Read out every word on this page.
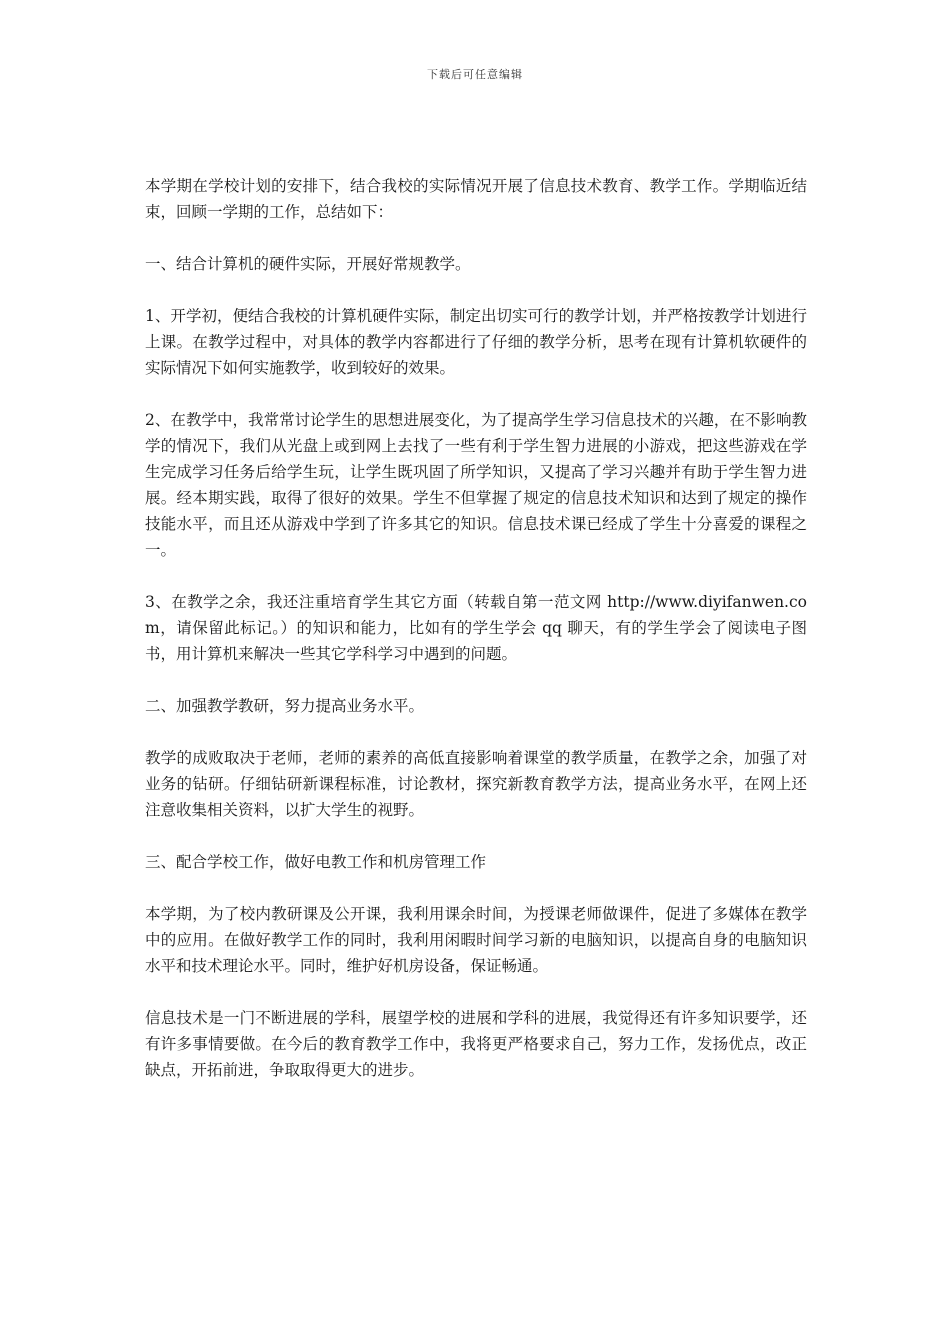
下载后可任意编辑

本学期在学校计划的安排下，结合我校的实际情况开展了信息技术教育、教学工作。学期临近结束，回顾一学期的工作，总结如下：

一、结合计算机的硬件实际，开展好常规教学。

1、开学初，便结合我校的计算机硬件实际，制定出切实可行的教学计划，并严格按教学计划进行上课。在教学过程中，对具体的教学内容都进行了仔细的教学分析，思考在现有计算机软硬件的实际情况下如何实施教学，收到较好的效果。

2、在教学中，我常常讨论学生的思想进展变化，为了提高学生学习信息技术的兴趣，在不影响教学的情况下，我们从光盘上或到网上去找了一些有利于学生智力进展的小游戏，把这些游戏在学生完成学习任务后给学生玩，让学生既巩固了所学知识，又提高了学习兴趣并有助于学生智力进展。经本期实践，取得了很好的效果。学生不但掌握了规定的信息技术知识和达到了规定的操作技能水平，而且还从游戏中学到了许多其它的知识。信息技术课已经成了学生十分喜爱的课程之一。

3、在教学之余，我还注重培育学生其它方面（转载自第一范文网 http://www.diyifanwen.com，请保留此标记。）的知识和能力，比如有的学生学会 qq 聊天，有的学生学会了阅读电子图书，用计算机来解决一些其它学科学习中遇到的问题。

二、加强教学教研，努力提高业务水平。

教学的成败取决于老师，老师的素养的高低直接影响着课堂的教学质量，在教学之余，加强了对业务的钻研。仔细钻研新课程标准，讨论教材，探究新教育教学方法，提高业务水平，在网上还注意收集相关资料，以扩大学生的视野。

三、配合学校工作，做好电教工作和机房管理工作

本学期，为了校内教研课及公开课，我利用课余时间，为授课老师做课件，促进了多媒体在教学中的应用。在做好教学工作的同时，我利用闲暇时间学习新的电脑知识，以提高自身的电脑知识水平和技术理论水平。同时，维护好机房设备，保证畅通。

信息技术是一门不断进展的学科，展望学校的进展和学科的进展，我觉得还有许多知识要学，还有许多事情要做。在今后的教育教学工作中，我将更严格要求自己，努力工作，发扬优点，改正缺点，开拓前进，争取取得更大的进步。
